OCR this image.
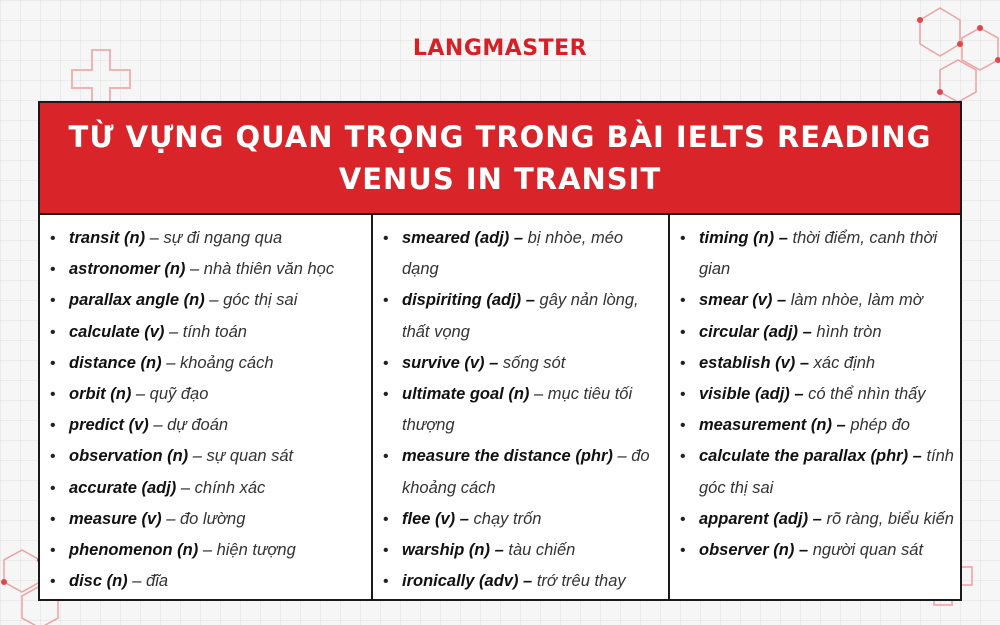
LANGMASTER
TỪ VỰNG QUAN TRỌNG TRONG BÀI IELTS READING
VENUS IN TRANSIT
• transit (n) – sự đi ngang qua
• astronomer (n) – nhà thiên văn học
• parallax angle (n) – góc thị sai
• calculate (v) – tính toán
• distance (n) – khoảng cách
• orbit (n) – quỹ đạo
• predict (v) – dự đoán
• observation (n) – sự quan sát
• accurate (adj) – chính xác
• measure (v) – đo lường
• phenomenon (n) – hiện tượng
• disc (n) – đĩa
• smeared (adj) – bị nhòe, méo dạng
• dispiriting (adj) – gây nản lòng, thất vọng
• survive (v) – sống sót
• ultimate goal (n) – mục tiêu tối thượng
• measure the distance (phr) – đo khoảng cách
• flee (v) – chạy trốn
• warship (n) – tàu chiến
• ironically (adv) – trớ trêu thay
• timing (n) – thời điểm, canh thời gian
• smear (v) – làm nhòe, làm mờ
• circular (adj) – hình tròn
• establish (v) – xác định
• visible (adj) – có thể nhìn thấy
• measurement (n) – phép đo
• calculate the parallax (phr) – tính góc thị sai
• apparent (adj) – rõ ràng, biểu kiến
• observer (n) – người quan sát
